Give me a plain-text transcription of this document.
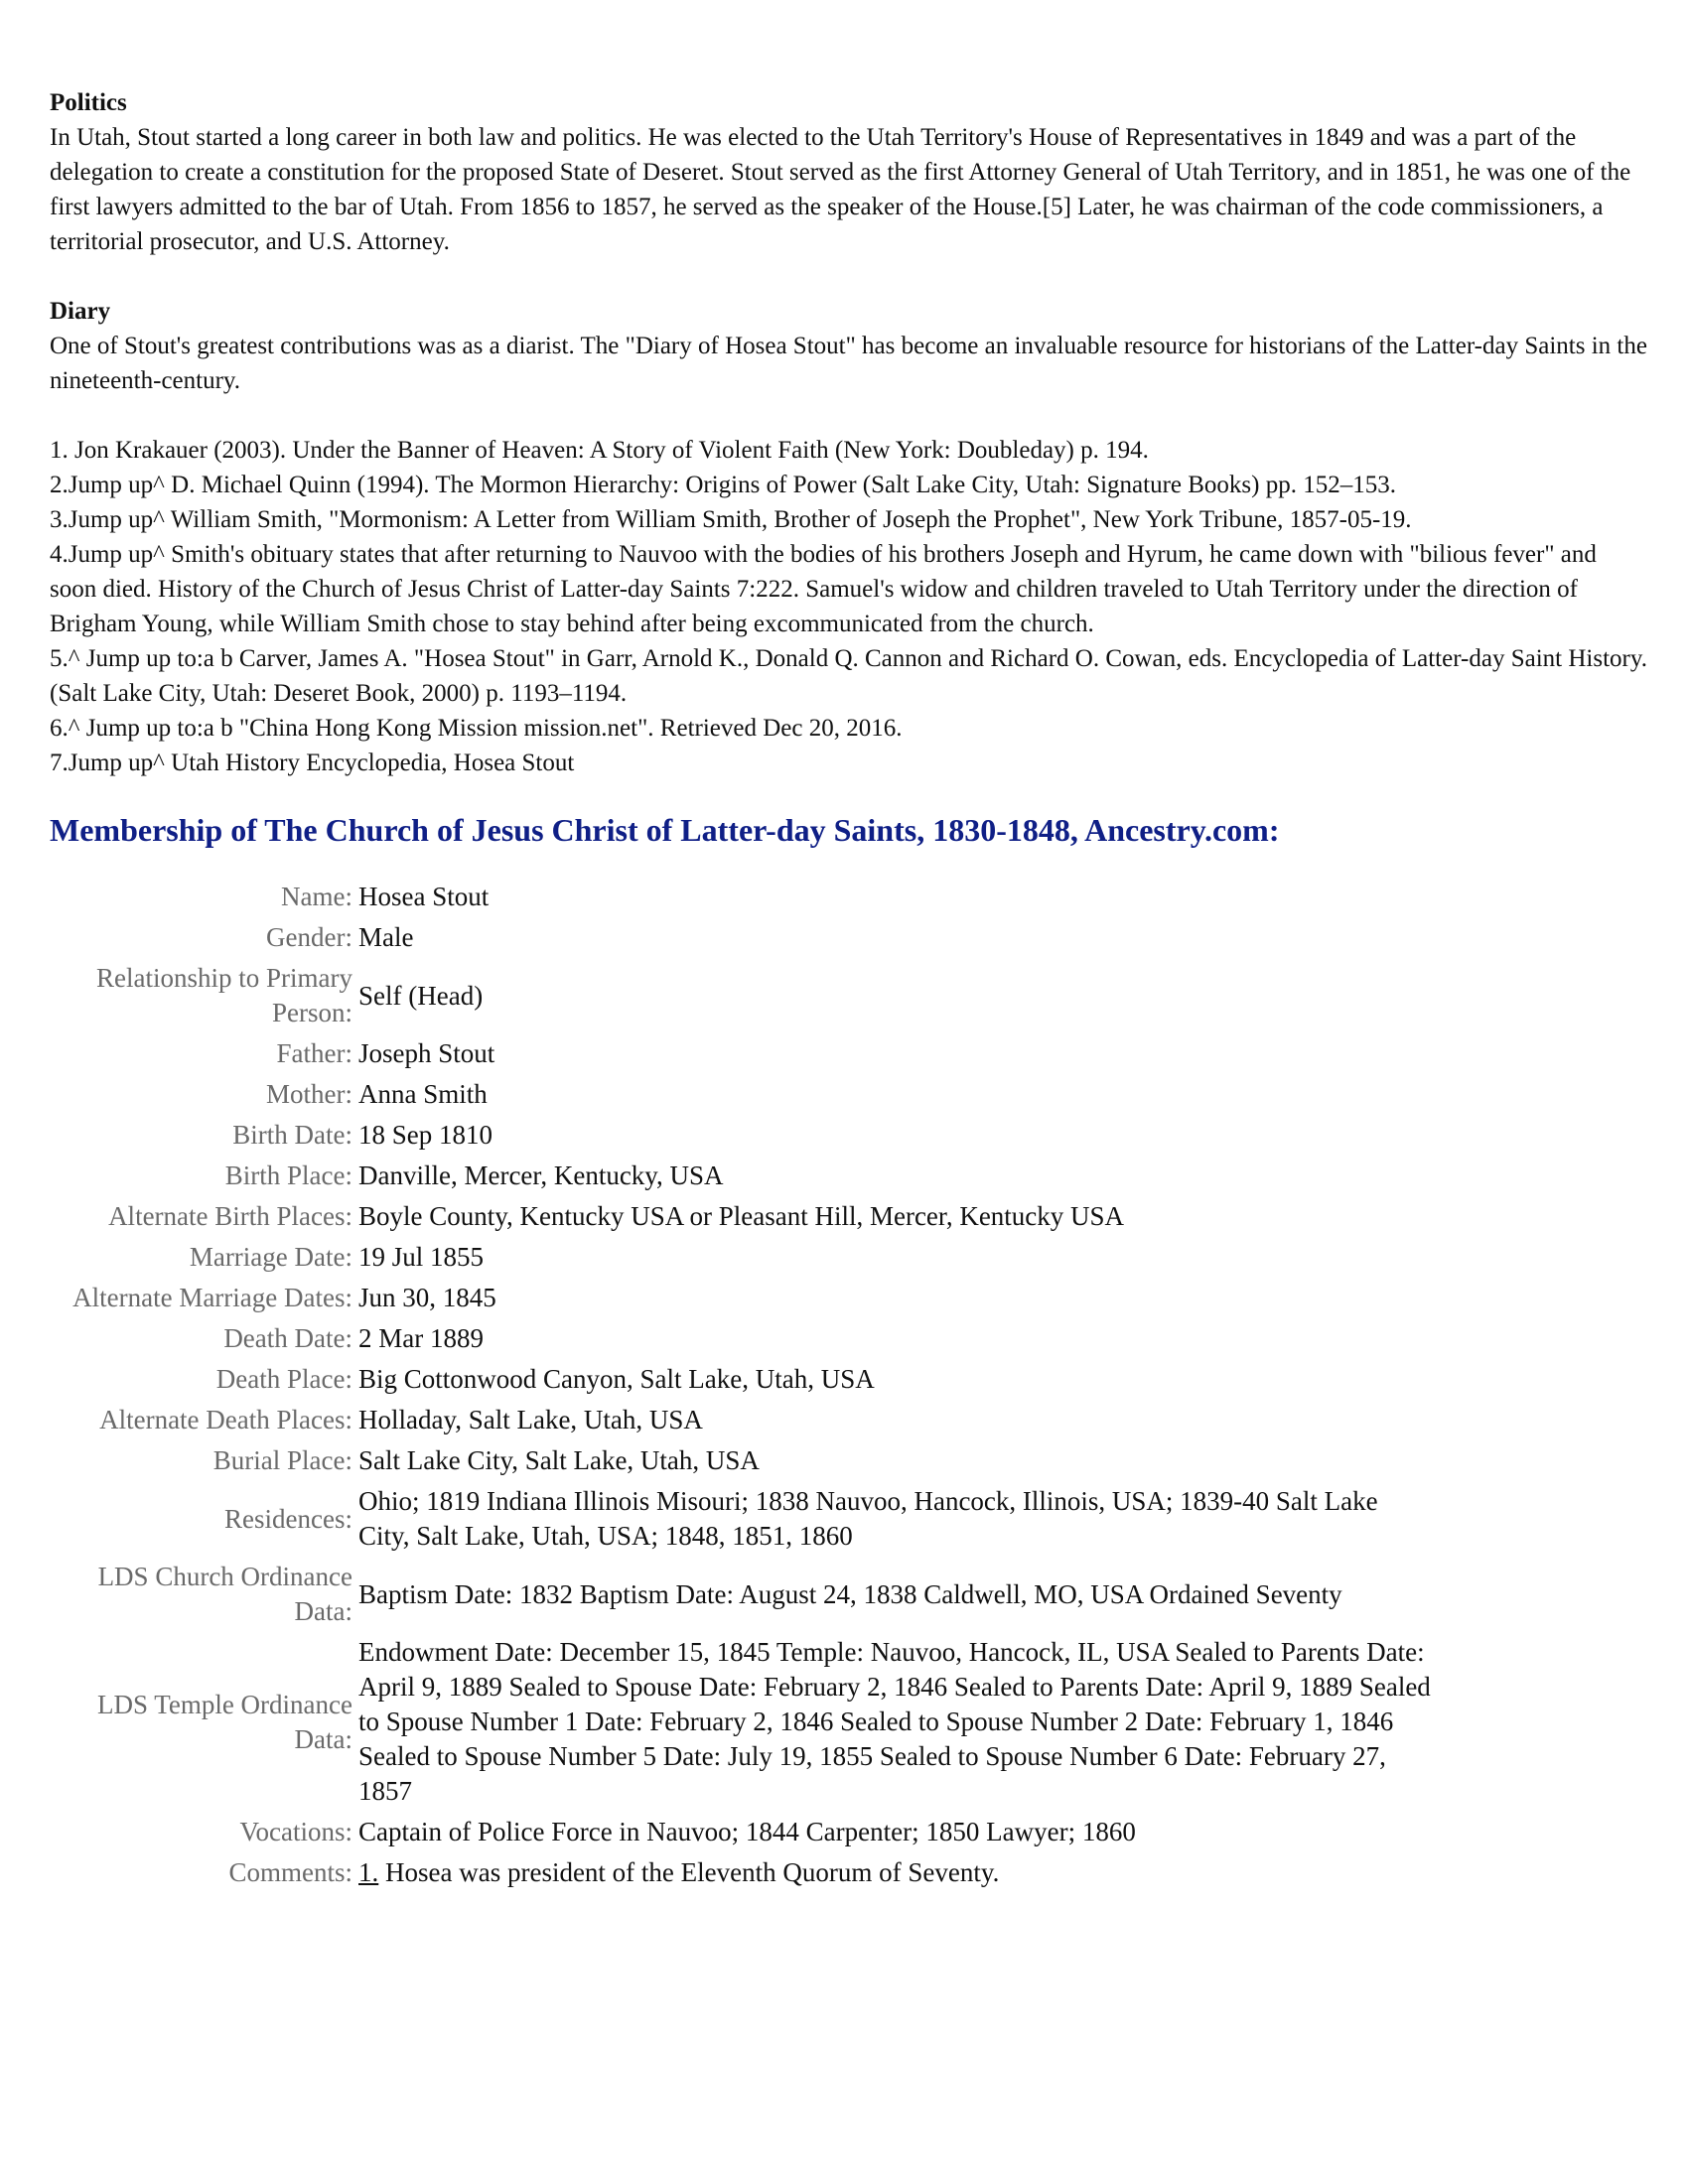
Politics

In Utah, Stout started a long career in both law and politics. He was elected to the Utah Territory's House of Representatives in 1849 and was a part of the delegation to create a constitution for the proposed State of Deseret. Stout served as the first Attorney General of Utah Territory, and in 1851, he was one of the first lawyers admitted to the bar of Utah. From 1856 to 1857, he served as the speaker of the House.[5] Later, he was chairman of the code commissioners, a territorial prosecutor, and U.S. Attorney.

Diary

One of Stout's greatest contributions was as a diarist. The "Diary of Hosea Stout" has become an invaluable resource for historians of the Latter-day Saints in the nineteenth-century.

1. Jon Krakauer (2003). Under the Banner of Heaven: A Story of Violent Faith (New York: Doubleday) p. 194.

2.Jump up^ D. Michael Quinn (1994). The Mormon Hierarchy: Origins of Power (Salt Lake City, Utah: Signature Books) pp. 152–153.

3.Jump up^ William Smith, "Mormonism: A Letter from William Smith, Brother of Joseph the Prophet", New York Tribune, 1857-05-19.

4.Jump up^ Smith's obituary states that after returning to Nauvoo with the bodies of his brothers Joseph and Hyrum, he came down with "bilious fever" and soon died. History of the Church of Jesus Christ of Latter-day Saints 7:222. Samuel's widow and children traveled to Utah Territory under the direction of Brigham Young, while William Smith chose to stay behind after being excommunicated from the church.

5.^ Jump up to:a b Carver, James A. "Hosea Stout" in Garr, Arnold K., Donald Q. Cannon and Richard O. Cowan, eds. Encyclopedia of Latter-day Saint History. (Salt Lake City, Utah: Deseret Book, 2000) p. 1193–1194.

6.^ Jump up to:a b "China Hong Kong Mission mission.net". Retrieved Dec 20, 2016.

7.Jump up^ Utah History Encyclopedia, Hosea Stout

Membership of The Church of Jesus Christ of Latter-day Saints, 1830-1848, Ancestry.com:
Name:	Hosea Stout
Gender:	Male
Relationship to Primary Person:	Self (Head)
Father:	Joseph Stout
Mother:	Anna Smith
Birth Date:	18 Sep 1810
Birth Place:	Danville, Mercer, Kentucky, USA
Alternate Birth Places:	Boyle County, Kentucky USA or Pleasant Hill, Mercer, Kentucky USA
Marriage Date:	19 Jul 1855
Alternate Marriage Dates:	Jun 30, 1845
Death Date:	2 Mar 1889
Death Place:	Big Cottonwood Canyon, Salt Lake, Utah, USA
Alternate Death Places:	Holladay, Salt Lake, Utah, USA
Burial Place:	Salt Lake City, Salt Lake, Utah, USA
Residences:	Ohio; 1819 Indiana Illinois Misouri; 1838 Nauvoo, Hancock, Illinois, USA; 1839-40 Salt Lake City, Salt Lake, Utah, USA; 1848, 1851, 1860
LDS Church Ordinance Data:	Baptism Date: 1832 Baptism Date: August 24, 1838 Caldwell, MO, USA Ordained Seventy
LDS Temple Ordinance Data:	Endowment Date: December 15, 1845 Temple: Nauvoo, Hancock, IL, USA Sealed to Parents Date: April 9, 1889 Sealed to Spouse Date: February 2, 1846 Sealed to Parents Date: April 9, 1889 Sealed to Spouse Number 1 Date: February 2, 1846 Sealed to Spouse Number 2 Date: February 1, 1846 Sealed to Spouse Number 5 Date: July 19, 1855 Sealed to Spouse Number 6 Date: February 27, 1857
Vocations:	Captain of Police Force in Nauvoo; 1844 Carpenter; 1850 Lawyer; 1860
Comments:	1. Hosea was president of the Eleventh Quorum of Seventy.
